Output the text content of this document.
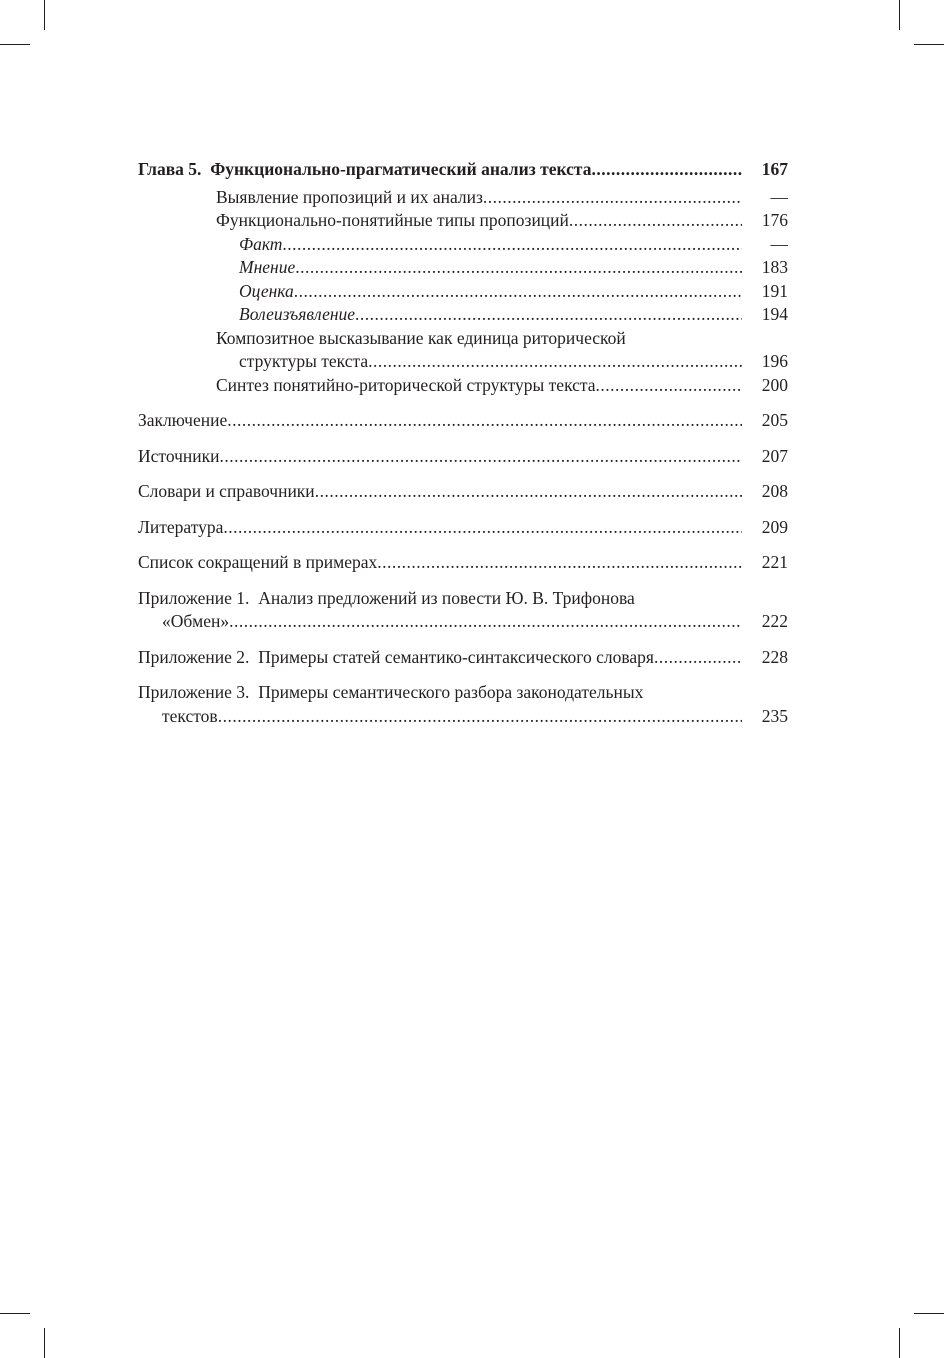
Глава 5. Функционально-прагматический анализ текста .....	167
Выявление пропозиций и их анализ .....	—
Функционально-понятийные типы пропозиций .....	176
Факт .....	—
Мнение .....	183
Оценка .....	191
Волеизъявление .....	194
Композитное высказывание как единица риторической
структуры текста .....	196
Синтез понятийно-риторической структуры текста .....	200
Заключение .....	205
Источники .....	207
Словари и справочники .....	208
Литература .....	209
Список сокращений в примерах .....	221
Приложение 1. Анализ предложений из повести Ю. В. Трифонова
«Обмен» .....	222
Приложение 2. Примеры статей семантико-синтаксического словаря .....	228
Приложение 3. Примеры семантического разбора законодательных
текстов .....	235
